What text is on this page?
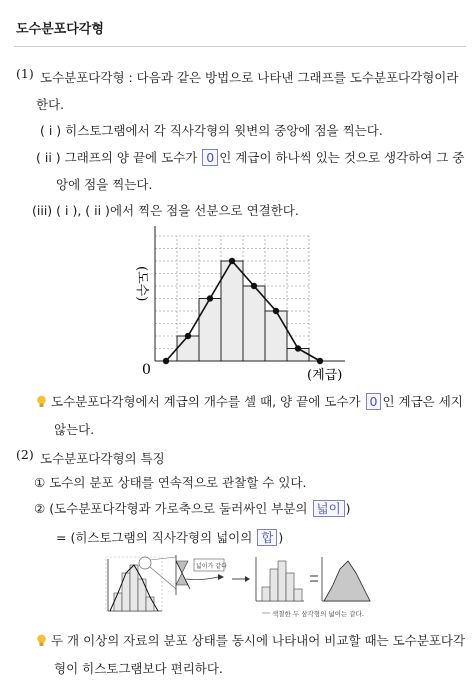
도수분포다각형
(1) 도수분포다각형 : 다음과 같은 방법으로 나타낸 그래프를 도수분포다각형이라
한다.
( i ) 히스토그램에서 각 직사각형의 윗변의 중앙에 점을 찍는다.
( ii ) 그래프의 양 끝에 도수가 0 인 계급이 하나씩 있는 것으로 생각하여 그 중
앙에 점을 찍는다.
(iii) ( i ), ( ii )에서 찍은 점을 선분으로 연결한다.
(도수)
0	(계급)
도수분포다각형에서 계급의 개수를 셀 때, 양 끝에 도수가 0 인 계급은 세지
않는다.
(2) 도수분포다각형의 특징
① 도수의 분포 상태를 연속적으로 관찰할 수 있다.
② (도수분포다각형과 가로축으로 둘러싸인 부분의 넓이 )
= (히스토그램의 직사각형의 넓이의 합 )
넓이가 같다
색칠한 두 삼각형의 넓이는 같다.
두 개 이상의 자료의 분포 상태를 동시에 나타내어 비교할 때는 도수분포다각
형이 히스토그램보다 편리하다.
